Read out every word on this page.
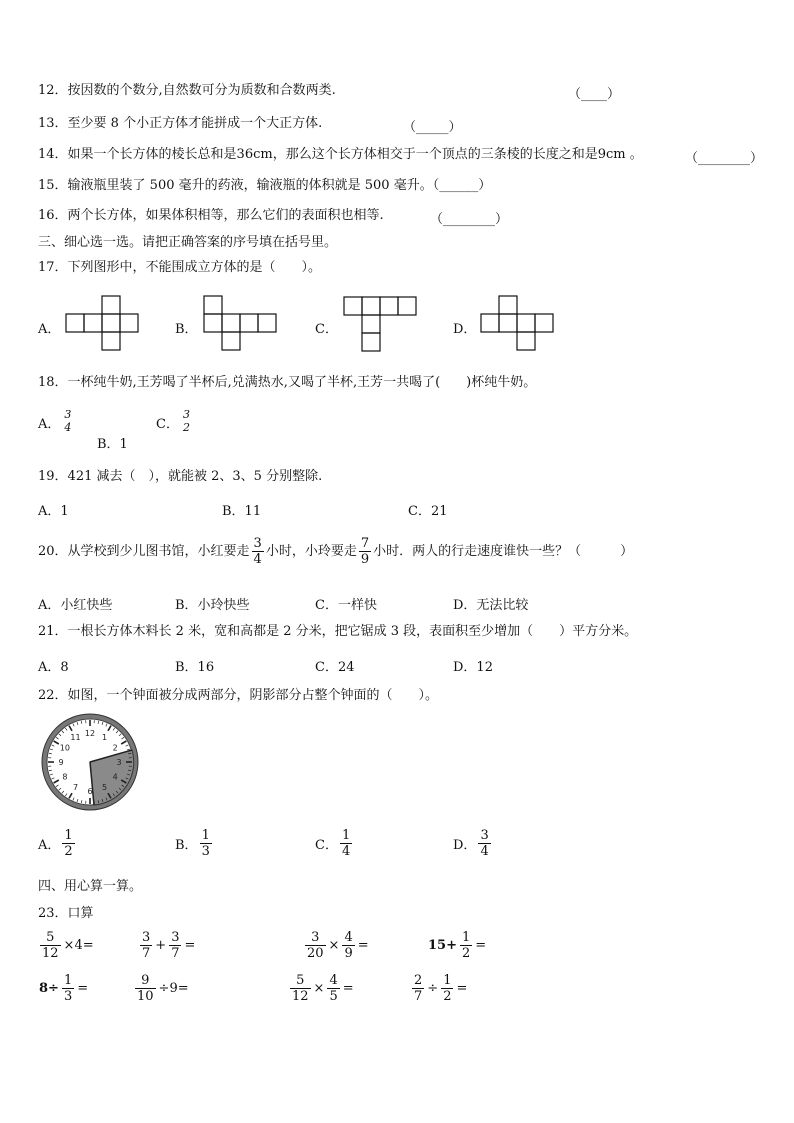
12．按因数的个数分,自然数可分为质数和合数两类.	（____）
13．至少要 8 个小正方体才能拼成一个大正方体.	（_____）
14．如果一个长方体的棱长总和是36cm，那么这个长方体相交于一个顶点的三条棱的长度之和是9cm 。	（________）
15．输液瓶里装了 500 毫升的药液，输液瓶的体积就是 500 毫升。（______）
16．两个长方体，如果体积相等，那么它们的表面积也相等.	（________）
三、细心选一选。请把正确答案的序号填在括号里。
17．下列图形中，不能围成立方体的是（　　）。
A．	B．	C．	D．
18．一杯纯牛奶,王芳喝了半杯后,兑满热水,又喝了半杯,王芳一共喝了(　　)杯纯牛奶。
A．
3
4
B．1
C．
3
2
19．421 减去（　），就能被 2、3、5 分别整除.
A．1	B．11	C．21
20．从学校到少儿图书馆，小红要走 $\frac{3}{4}$ 小时，小玲要走 $\frac{7}{9}$ 小时．两人的行走速度谁快一些？（　　　）
A．小红快些	B．小玲快些	C．一样快	D．无法比较
21．一根长方体木料长 2 米，宽和高都是 2 分米，把它锯成 3 段，表面积至少增加（　　）平方分米。
A．8	B．16	C．24	D．12
22．如图，一个钟面被分成两部分，阴影部分占整个钟面的（　　）。
1
2
3
4
5
6
7
8
9
10
11 12
A． $\frac{1}{2}$	B． $\frac{1}{3}$	C． $\frac{1}{4}$	D． $\frac{3}{4}$
四、用心算一算。
23．口算
$\frac{5}{12} \times 4=$	$\frac{3}{7} + \frac{3}{7}$ =	$\frac{3}{20} \times \frac{4}{9}$ =	$15+ \frac{1}{2}$ =
$8\div \frac{1}{3}$ =	$\frac{9}{10} \div 9=$	$\frac{5}{12} \times \frac{4}{5}$ =	$\frac{2}{7} \div \frac{1}{2}$ =
